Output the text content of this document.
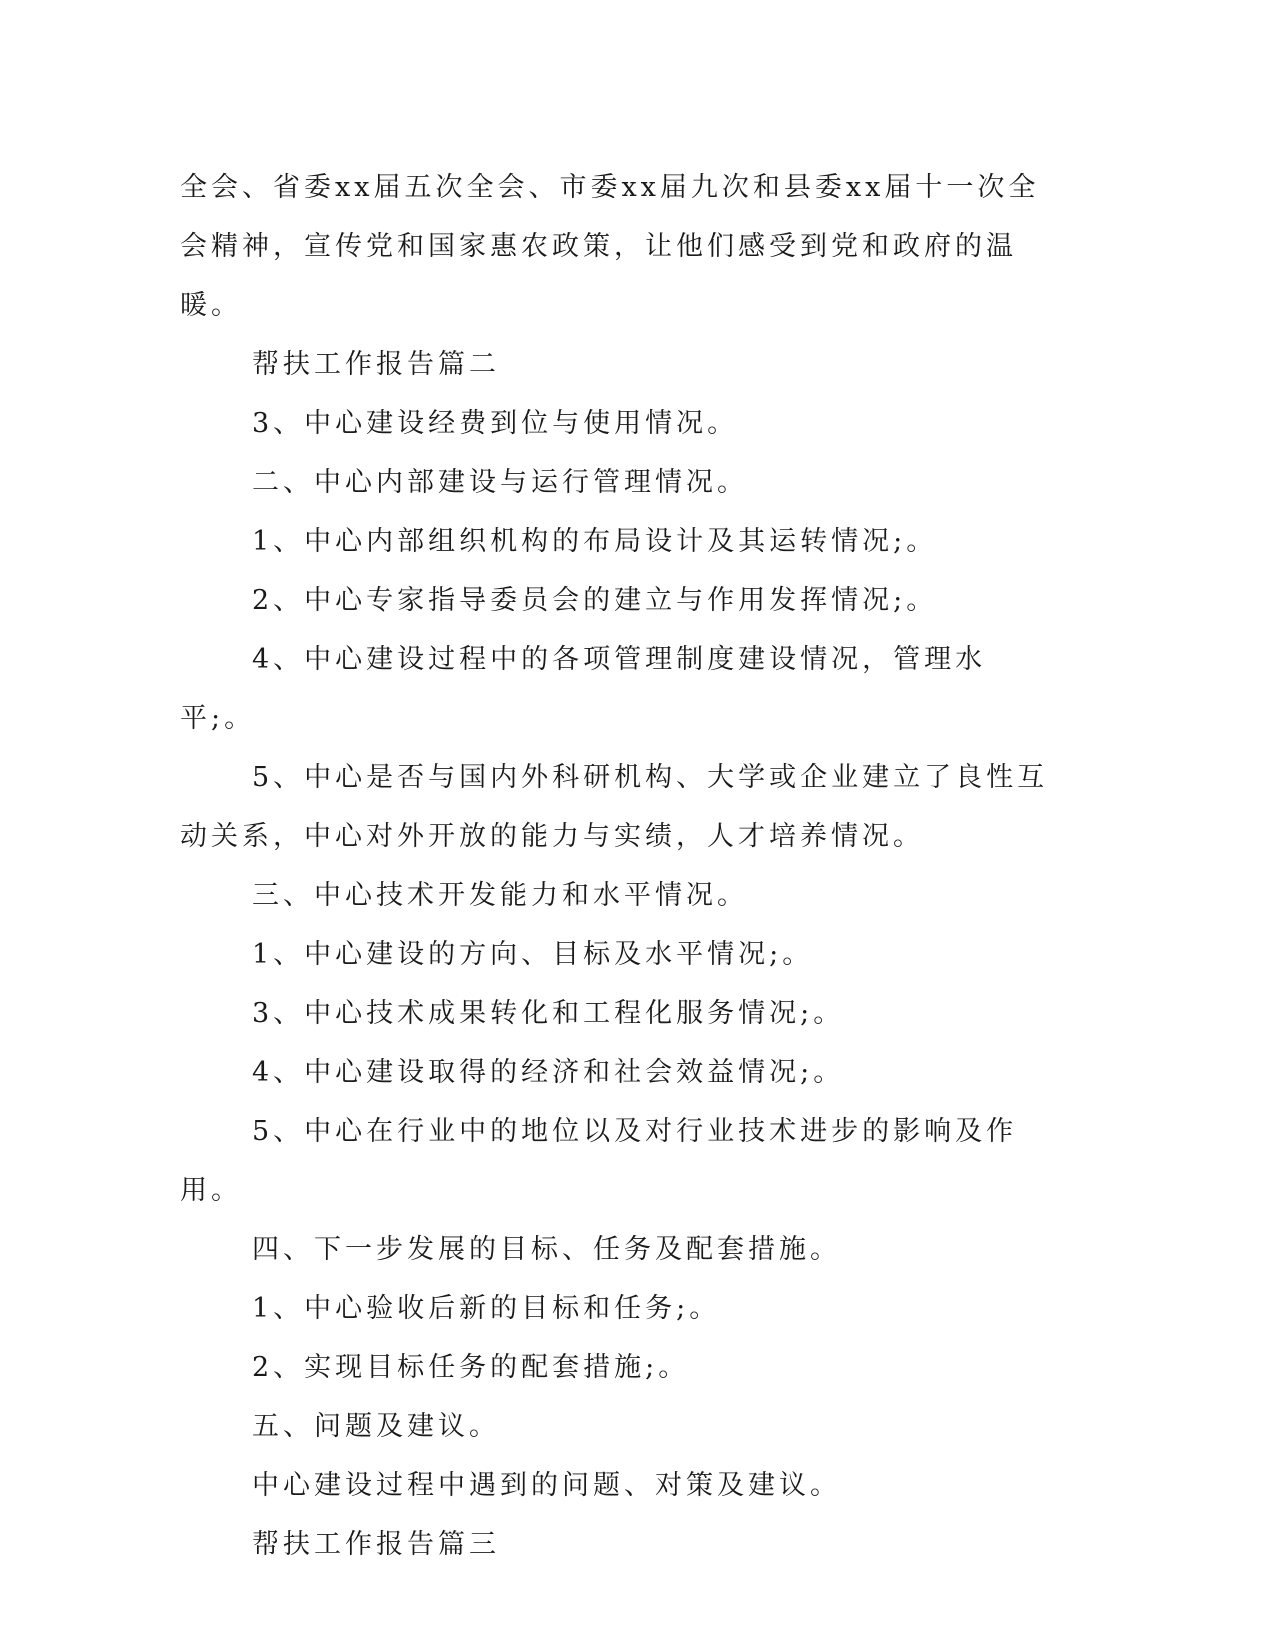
全会、省委xx届五次全会、市委xx届九次和县委xx届十一次全会精神，宣传党和国家惠农政策，让他们感受到党和政府的温暖。

帮扶工作报告篇二

3、中心建设经费到位与使用情况。

二、中心内部建设与运行管理情况。

1、中心内部组织机构的布局设计及其运转情况;。

2、中心专家指导委员会的建立与作用发挥情况;。

4、中心建设过程中的各项管理制度建设情况，管理水平;。

5、中心是否与国内外科研机构、大学或企业建立了良性互动关系，中心对外开放的能力与实绩，人才培养情况。

三、中心技术开发能力和水平情况。

1、中心建设的方向、目标及水平情况;。

3、中心技术成果转化和工程化服务情况;。

4、中心建设取得的经济和社会效益情况;。

5、中心在行业中的地位以及对行业技术进步的影响及作用。

四、下一步发展的目标、任务及配套措施。

1、中心验收后新的目标和任务;。

2、实现目标任务的配套措施;。

五、问题及建议。

中心建设过程中遇到的问题、对策及建议。

帮扶工作报告篇三
